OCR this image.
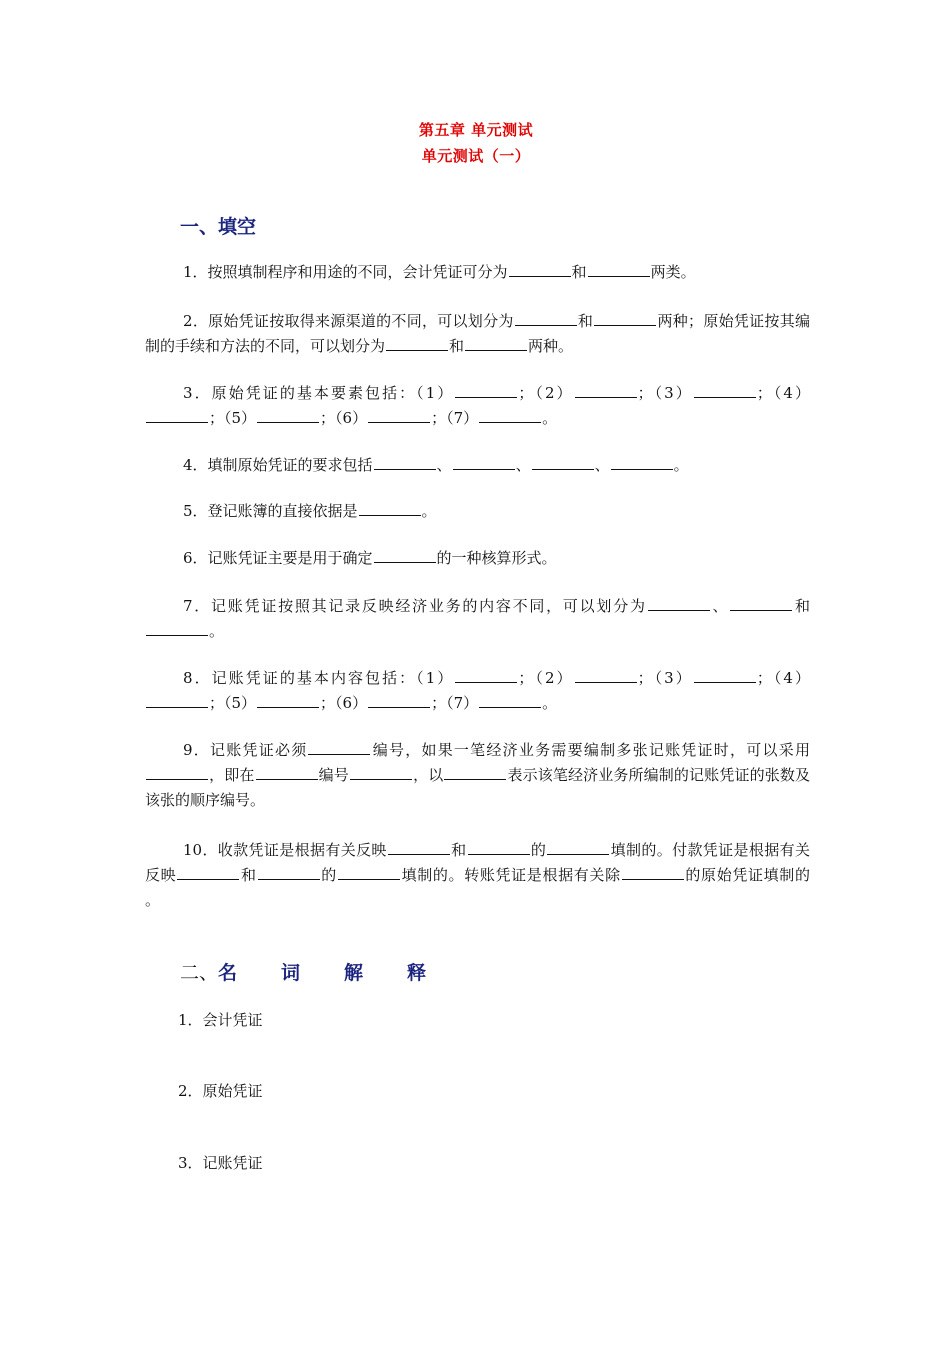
第五章 单元测试
单元测试（一）
一、填空

1．按照填制程序和用途的不同，会计凭证可分为	和	两类。

2．原始凭证按取得来源渠道的不同，可以划分为	和	两种；原始凭证按其编制的手续和方法的不同，可以划分为	和	两种。

3．原始凭证的基本要素包括：（1）	；（2）	；（3）	；（4）；（5）	；（6）	；（7）	。

4．填制原始凭证的要求包括	、	、	、	。

5．登记账簿的直接依据是	。

6．记账凭证主要是用于确定	的一种核算形式。

7．记账凭证按照其记录反映经济业务的内容不同，可以划分为	、	和。

8．记账凭证的基本内容包括：（1）	；（2）	；（3）	；（4）；（5）	；（6）	；（7）	。

9．记账凭证必须	编号，如果一笔经济业务需要编制多张记账凭证时，可以采用，即在	编号	，以	表示该笔经济业务所编制的记账凭证的张数及该张的顺序编号。

10．收款凭证是根据有关反映	和	的	填制的。付款凭证是根据有关反映	和	的	填制的。转账凭证是根据有关除	的原始凭证填制的 。

二、名词解释
1．会计凭证
2．原始凭证
3．记账凭证
